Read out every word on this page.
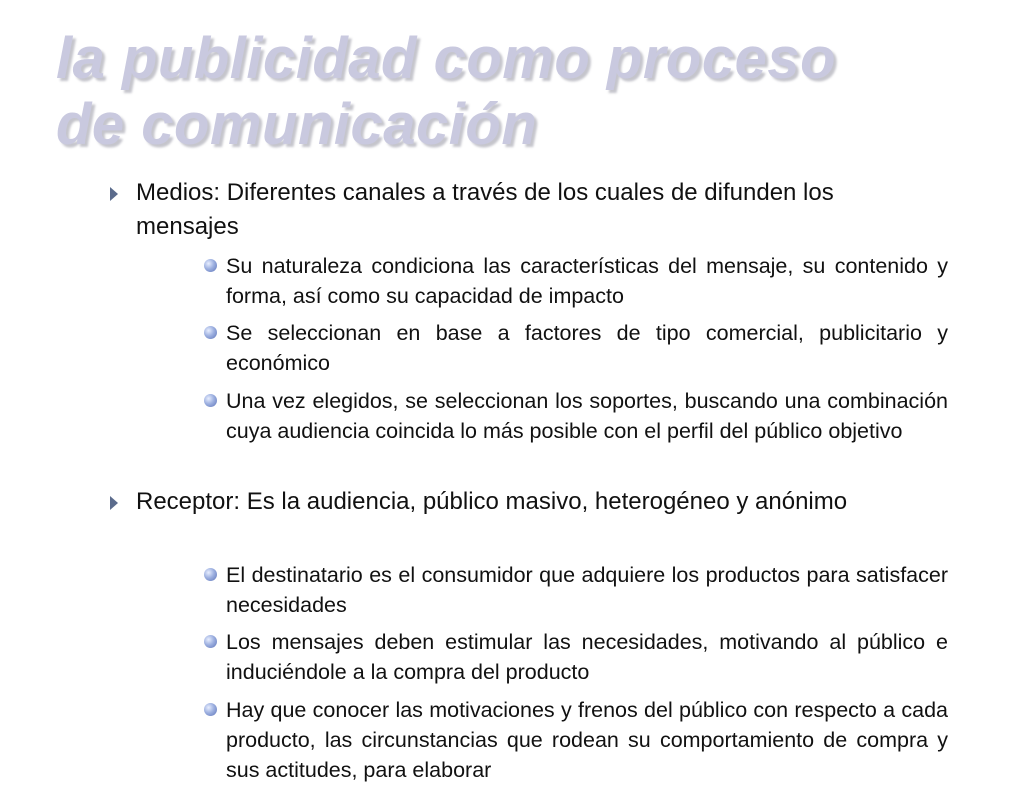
la publicidad como proceso
de comunicación
Medios: Diferentes canales a través de los cuales de difunden los mensajes
Su naturaleza condiciona las características del mensaje, su contenido y forma, así como su capacidad de impacto
Se seleccionan en base a factores de tipo comercial, publicitario y económico
Una vez elegidos, se seleccionan los soportes, buscando una combinación cuya audiencia coincida lo más posible con el perfil del público objetivo
Receptor: Es la audiencia, público masivo, heterogéneo y anónimo
El destinatario es el consumidor que adquiere los productos para satisfacer necesidades
Los mensajes deben estimular las necesidades, motivando al público e induciéndole a la compra del producto
Hay que conocer las motivaciones y frenos del público con respecto a cada producto, las circunstancias que rodean su comportamiento de compra y sus actitudes, para elaborar
